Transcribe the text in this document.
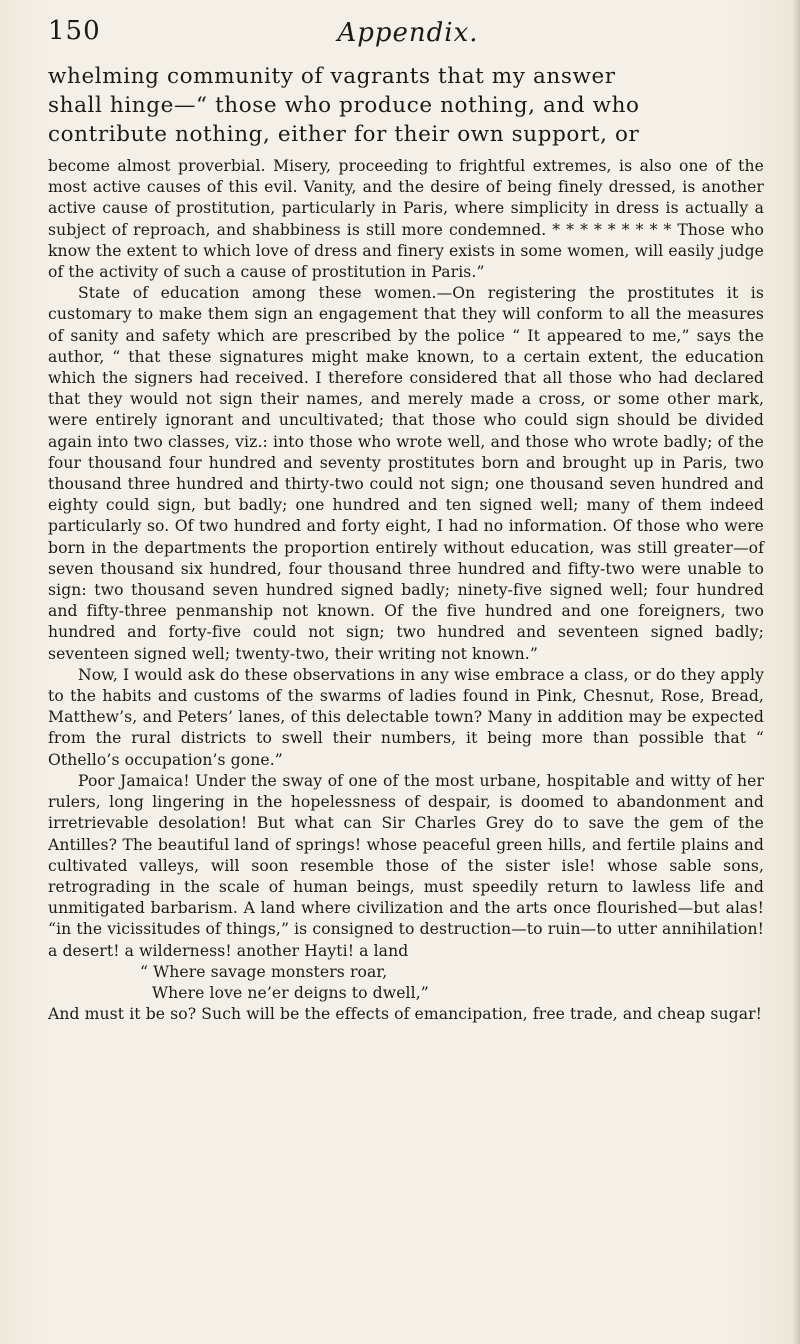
150	Appendix.
whelming community of vagrants that my answer
shall hinge—“ those who produce nothing, and who
contribute nothing, either for their own support, or

become almost proverbial. Misery, proceeding to frightful extremes, is also one of the most active causes of this evil. Vanity, and the desire of being finely dressed, is another active cause of prostitution, particularly in Paris, where simplicity in dress is actually a subject of reproach, and shabbiness is still more condemned. * * * * * * * * * Those who know the extent to which love of dress and finery exists in some women, will easily judge of the activity of such a cause of prostitution in Paris.”

State of education among these women.—On registering the prostitutes it is customary to make them sign an engagement that they will conform to all the measures of sanity and safety which are prescribed by the police “ It appeared to me,” says the author, “ that these signatures might make known, to a certain extent, the education which the signers had received. I therefore considered that all those who had declared that they would not sign their names, and merely made a cross, or some other mark, were entirely ignorant and uncultivated; that those who could sign should be divided again into two classes, viz.: into those who wrote well, and those who wrote badly; of the four thousand four hundred and seventy prostitutes born and brought up in Paris, two thousand three hundred and thirty-two could not sign; one thousand seven hundred and eighty could sign, but badly; one hundred and ten signed well; many of them indeed particularly so. Of two hundred and forty eight, I had no information. Of those who were born in the departments the proportion entirely without education, was still greater—of seven thousand six hundred, four thousand three hundred and fifty-two were unable to sign: two thousand seven hundred signed badly; ninety-five signed well; four hundred and fifty-three penmanship not known. Of the five hundred and one foreigners, two hundred and forty-five could not sign; two hundred and seventeen signed badly; seventeen signed well; twenty-two, their writing not known.”

Now, I would ask do these observations in any wise embrace a class, or do they apply to the habits and customs of the swarms of ladies found in Pink, Chesnut, Rose, Bread, Matthew’s, and Peters’ lanes, of this delectable town? Many in addition may be expected from the rural districts to swell their numbers, it being more than possible that “ Othello’s occupation’s gone.”

Poor Jamaica! Under the sway of one of the most urbane, hospitable and witty of her rulers, long lingering in the hopelessness of despair, is doomed to abandonment and irretrievable desolation! But what can Sir Charles Grey do to save the gem of the Antilles? The beautiful land of springs! whose peaceful green hills, and fertile plains and cultivated valleys, will soon resemble those of the sister isle! whose sable sons, retrograding in the scale of human beings, must speedily return to lawless life and unmitigated barbarism. A land where civilization and the arts once flourished—but alas! “in the vicissitudes of things,” is consigned to destruction—to ruin—to utter annihilation! a desert! a wilderness! another Hayti! a land

“ Where savage monsters roar,

Where love ne’er deigns to dwell,”

And must it be so? Such will be the effects of emancipation, free trade, and cheap sugar!
